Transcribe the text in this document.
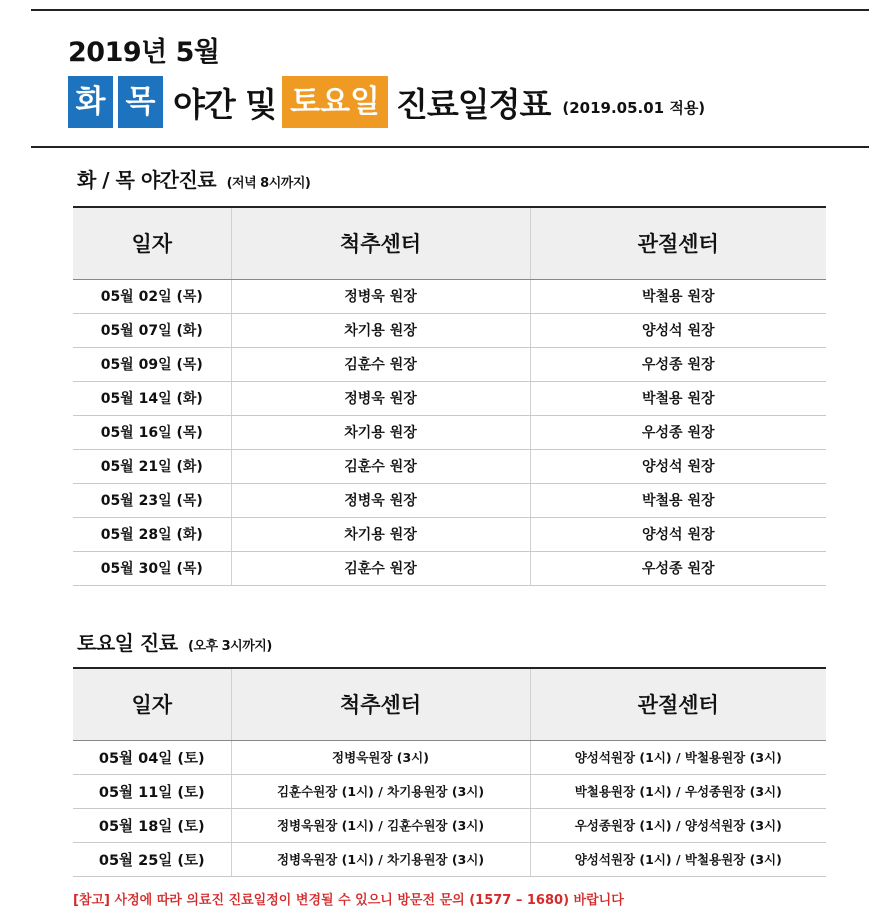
2019년 5월
화 목 야간 및 토요일 진료일정표 (2019.05.01 적용)
화 / 목 야간진료 (저녁 8시까지)
일자	척추센터	관절센터
05월 02일 (목)	정병욱 원장	박철용 원장
05월 07일 (화)	차기용 원장	양성석 원장
05월 09일 (목)	김훈수 원장	우성종 원장
05월 14일 (화)	정병욱 원장	박철용 원장
05월 16일 (목)	차기용 원장	우성종 원장
05월 21일 (화)	김훈수 원장	양성석 원장
05월 23일 (목)	정병욱 원장	박철용 원장
05월 28일 (화)	차기용 원장	양성석 원장
05월 30일 (목)	김훈수 원장	우성종 원장
토요일 진료 (오후 3시까지)
일자	척추센터	관절센터
05월 04일 (토)	정병욱원장 (3시)	양성석원장 (1시) / 박철용원장 (3시)
05월 11일 (토)	김훈수원장 (1시) / 차기용원장 (3시)	박철용원장 (1시) / 우성종원장 (3시)
05월 18일 (토)	정병욱원장 (1시) / 김훈수원장 (3시)	우성종원장 (1시) / 양성석원장 (3시)
05월 25일 (토)	정병욱원장 (1시) / 차기용원장 (3시)	양성석원장 (1시) / 박철용원장 (3시)
[참고] 사정에 따라 의료진 진료일정이 변경될 수 있으니 방문전 문의 (1577 – 1680) 바랍니다
